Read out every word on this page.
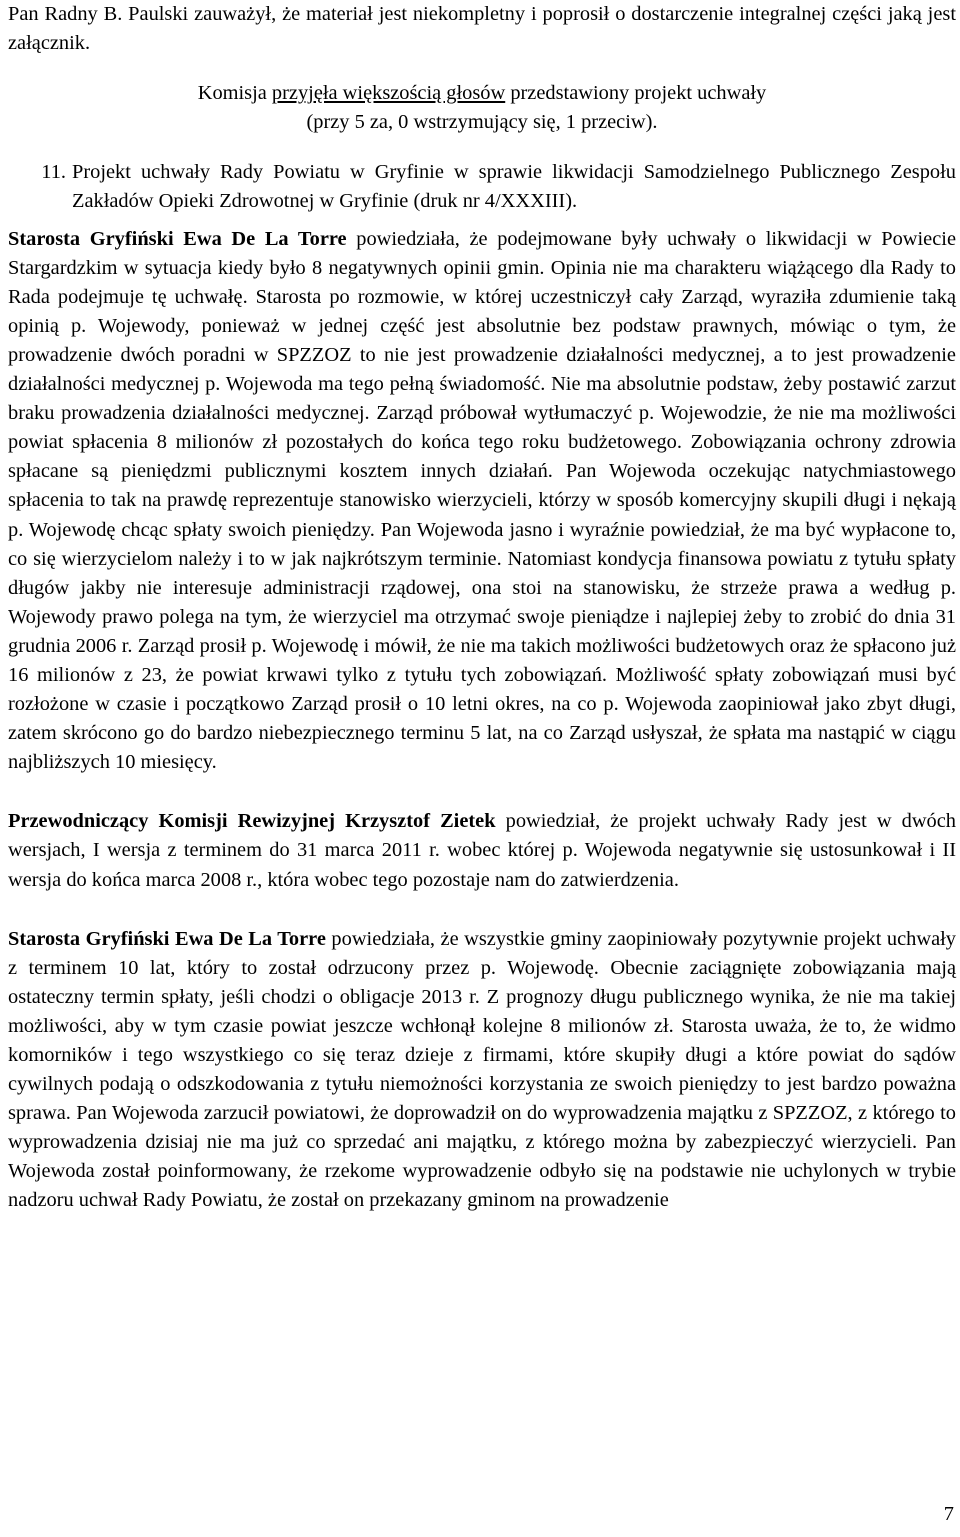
Pan Radny B. Paulski zauważył, że materiał jest niekompletny i poprosił o dostarczenie integralnej części jaką jest załącznik.

Komisja przyjęła większością głosów przedstawiony projekt uchwały
(przy 5 za, 0 wstrzymujący się, 1 przeciw).

11. Projekt uchwały Rady Powiatu w Gryfinie w sprawie likwidacji Samodzielnego Publicznego Zespołu Zakładów Opieki Zdrowotnej w Gryfinie (druk nr 4/XXXIII).

Starosta Gryfiński Ewa De La Torre powiedziała, że podejmowane były uchwały o likwidacji w Powiecie Stargardzkim w sytuacja kiedy było 8 negatywnych opinii gmin. Opinia nie ma charakteru wiążącego dla Rady to Rada podejmuje tę uchwałę. Starosta po rozmowie, w której uczestniczył cały Zarząd, wyraziła zdumienie taką opinią p. Wojewody, ponieważ w jednej część jest absolutnie bez podstaw prawnych, mówiąc o tym, że prowadzenie dwóch poradni w SPZZOZ to nie jest prowadzenie działalności medycznej, a to jest prowadzenie działalności medycznej p. Wojewoda ma tego pełną świadomość. Nie ma absolutnie podstaw, żeby postawić zarzut braku prowadzenia działalności medycznej. Zarząd próbował wytłumaczyć p. Wojewodzie, że nie ma możliwości powiat spłacenia 8 milionów zł pozostałych do końca tego roku budżetowego. Zobowiązania ochrony zdrowia spłacane są pieniędzmi publicznymi kosztem innych działań. Pan Wojewoda oczekując natychmiastowego spłacenia to tak na prawdę reprezentuje stanowisko wierzycieli, którzy w sposób komercyjny skupili długi i nękają p. Wojewodę chcąc spłaty swoich pieniędzy. Pan Wojewoda jasno i wyraźnie powiedział, że ma być wypłacone to, co się wierzycielom należy i to w jak najkrótszym terminie. Natomiast kondycja finansowa powiatu z tytułu spłaty długów jakby nie interesuje administracji rządowej, ona stoi na stanowisku, że strzeże prawa a według p. Wojewody prawo polega na tym, że wierzyciel ma otrzymać swoje pieniądze i najlepiej żeby to zrobić do dnia 31 grudnia 2006 r. Zarząd prosił p. Wojewodę i mówił, że nie ma takich możliwości budżetowych oraz że spłacono już 16 milionów z 23, że powiat krwawi tylko z tytułu tych zobowiązań. Możliwość spłaty zobowiązań musi być rozłożone w czasie i początkowo Zarząd prosił o 10 letni okres, na co p. Wojewoda zaopiniował jako zbyt długi, zatem skrócono go do bardzo niebezpiecznego terminu 5 lat, na co Zarząd usłyszał, że spłata ma nastąpić w ciągu najbliższych 10 miesięcy.

Przewodniczący Komisji Rewizyjnej Krzysztof Zietek powiedział, że projekt uchwały Rady jest w dwóch wersjach, I wersja z terminem do 31 marca 2011 r. wobec której p. Wojewoda negatywnie się ustosunkował i II wersja do końca marca 2008 r., która wobec tego pozostaje nam do zatwierdzenia.

Starosta Gryfiński Ewa De La Torre powiedziała, że wszystkie gminy zaopiniowały pozytywnie projekt uchwały z terminem 10 lat, który to został odrzucony przez p. Wojewodę. Obecnie zaciągnięte zobowiązania mają ostateczny termin spłaty, jeśli chodzi o obligacje 2013 r. Z prognozy długu publicznego wynika, że nie ma takiej możliwości, aby w tym czasie powiat jeszcze wchłonął kolejne 8 milionów zł. Starosta uważa, że to, że widmo komorników i tego wszystkiego co się teraz dzieje z firmami, które skupiły długi a które powiat do sądów cywilnych podają o odszkodowania z tytułu niemożności korzystania ze swoich pieniędzy to jest bardzo poważna sprawa. Pan Wojewoda zarzucił powiatowi, że doprowadził on do wyprowadzenia majątku z SPZZOZ, z którego to wyprowadzenia dzisiaj nie ma już co sprzedać ani majątku, z którego można by zabezpieczyć wierzycieli. Pan Wojewoda został poinformowany, że rzekome wyprowadzenie odbyło się na podstawie nie uchylonych w trybie nadzoru uchwał Rady Powiatu, że został on przekazany gminom na prowadzenie

7
